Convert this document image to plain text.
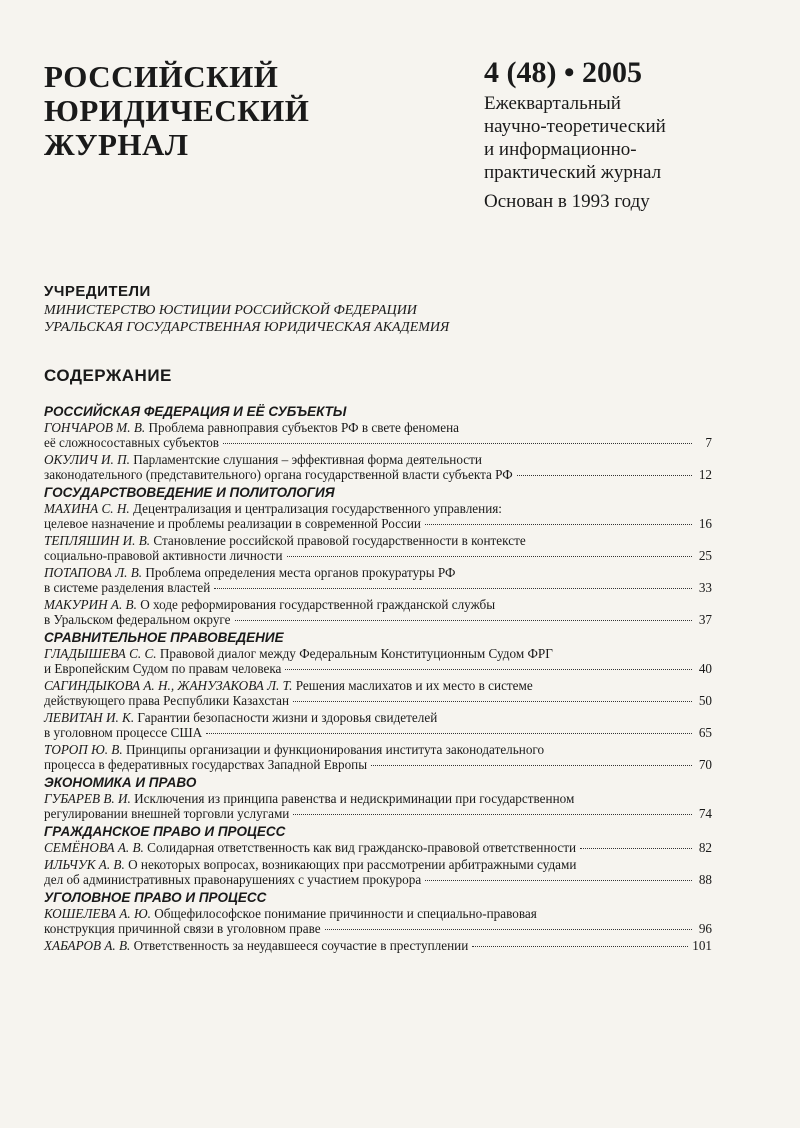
РОССИЙСКИЙ
ЮРИДИЧЕСКИЙ
ЖУРНАЛ
4 (48) • 2005
Ежеквартальный
научно-теоретический
и информационно-
практический журнал
Основан в 1993 году
УЧРЕДИТЕЛИ
МИНИСТЕРСТВО ЮСТИЦИИ РОССИЙСКОЙ ФЕДЕРАЦИИ
УРАЛЬСКАЯ ГОСУДАРСТВЕННАЯ ЮРИДИЧЕСКАЯ АКАДЕМИЯ
СОДЕРЖАНИЕ
РОССИЙСКАЯ ФЕДЕРАЦИЯ И ЕЁ СУБЪЕКТЫ
ГОНЧАРОВ М. В. Проблема равноправия субъектов РФ в свете феномена
её сложносоставных субъектов	7
ОКУЛИЧ И. П. Парламентские слушания – эффективная форма деятельности
законодательного (представительного) органа государственной власти субъекта РФ	12
ГОСУДАРСТВОВЕДЕНИЕ И ПОЛИТОЛОГИЯ
МАХИНА С. Н. Децентрализация и централизация государственного управления:
целевое назначение и проблемы реализации в современной России	16
ТЕПЛЯШИН И. В. Становление российской правовой государственности в контексте
социально-правовой активности личности	25
ПОТАПОВА Л. В. Проблема определения места органов прокуратуры РФ
в системе разделения властей	33
МАКУРИН А. В. О ходе реформирования государственной гражданской службы
в Уральском федеральном округе	37
СРАВНИТЕЛЬНОЕ ПРАВОВЕДЕНИЕ
ГЛАДЫШЕВА С. С. Правовой диалог между Федеральным Конституционным Судом ФРГ
и Европейским Судом по правам человека	40
САГИНДЫКОВА А. Н., ЖАНУЗАКОВА Л. Т. Решения маслихатов и их место в системе
действующего права Республики Казахстан	50
ЛЕВИТАН И. К. Гарантии безопасности жизни и здоровья свидетелей
в уголовном процессе США	65
ТОРОП Ю. В. Принципы организации и функционирования института законодательного
процесса в федеративных государствах Западной Европы	70
ЭКОНОМИКА И ПРАВО
ГУБАРЕВ В. И. Исключения из принципа равенства и недискриминации при государственном
регулировании внешней торговли услугами	74
ГРАЖДАНСКОЕ ПРАВО И ПРОЦЕСС
СЕМЁНОВА А. В.
Солидарная ответственность как вид гражданско-правовой ответственности	82
ИЛЬЧУК А. В. О некоторых вопросах, возникающих при рассмотрении арбитражными судами
дел об административных правонарушениях с участием прокурора	88
УГОЛОВНОЕ ПРАВО И ПРОЦЕСС
КОШЕЛЕВА А. Ю. Общефилософское понимание причинности и специально-правовая
конструкция причинной связи в уголовном праве	96
ХАБАРОВ А. В.
Ответственность за неудавшееся соучастие в преступлении	101
